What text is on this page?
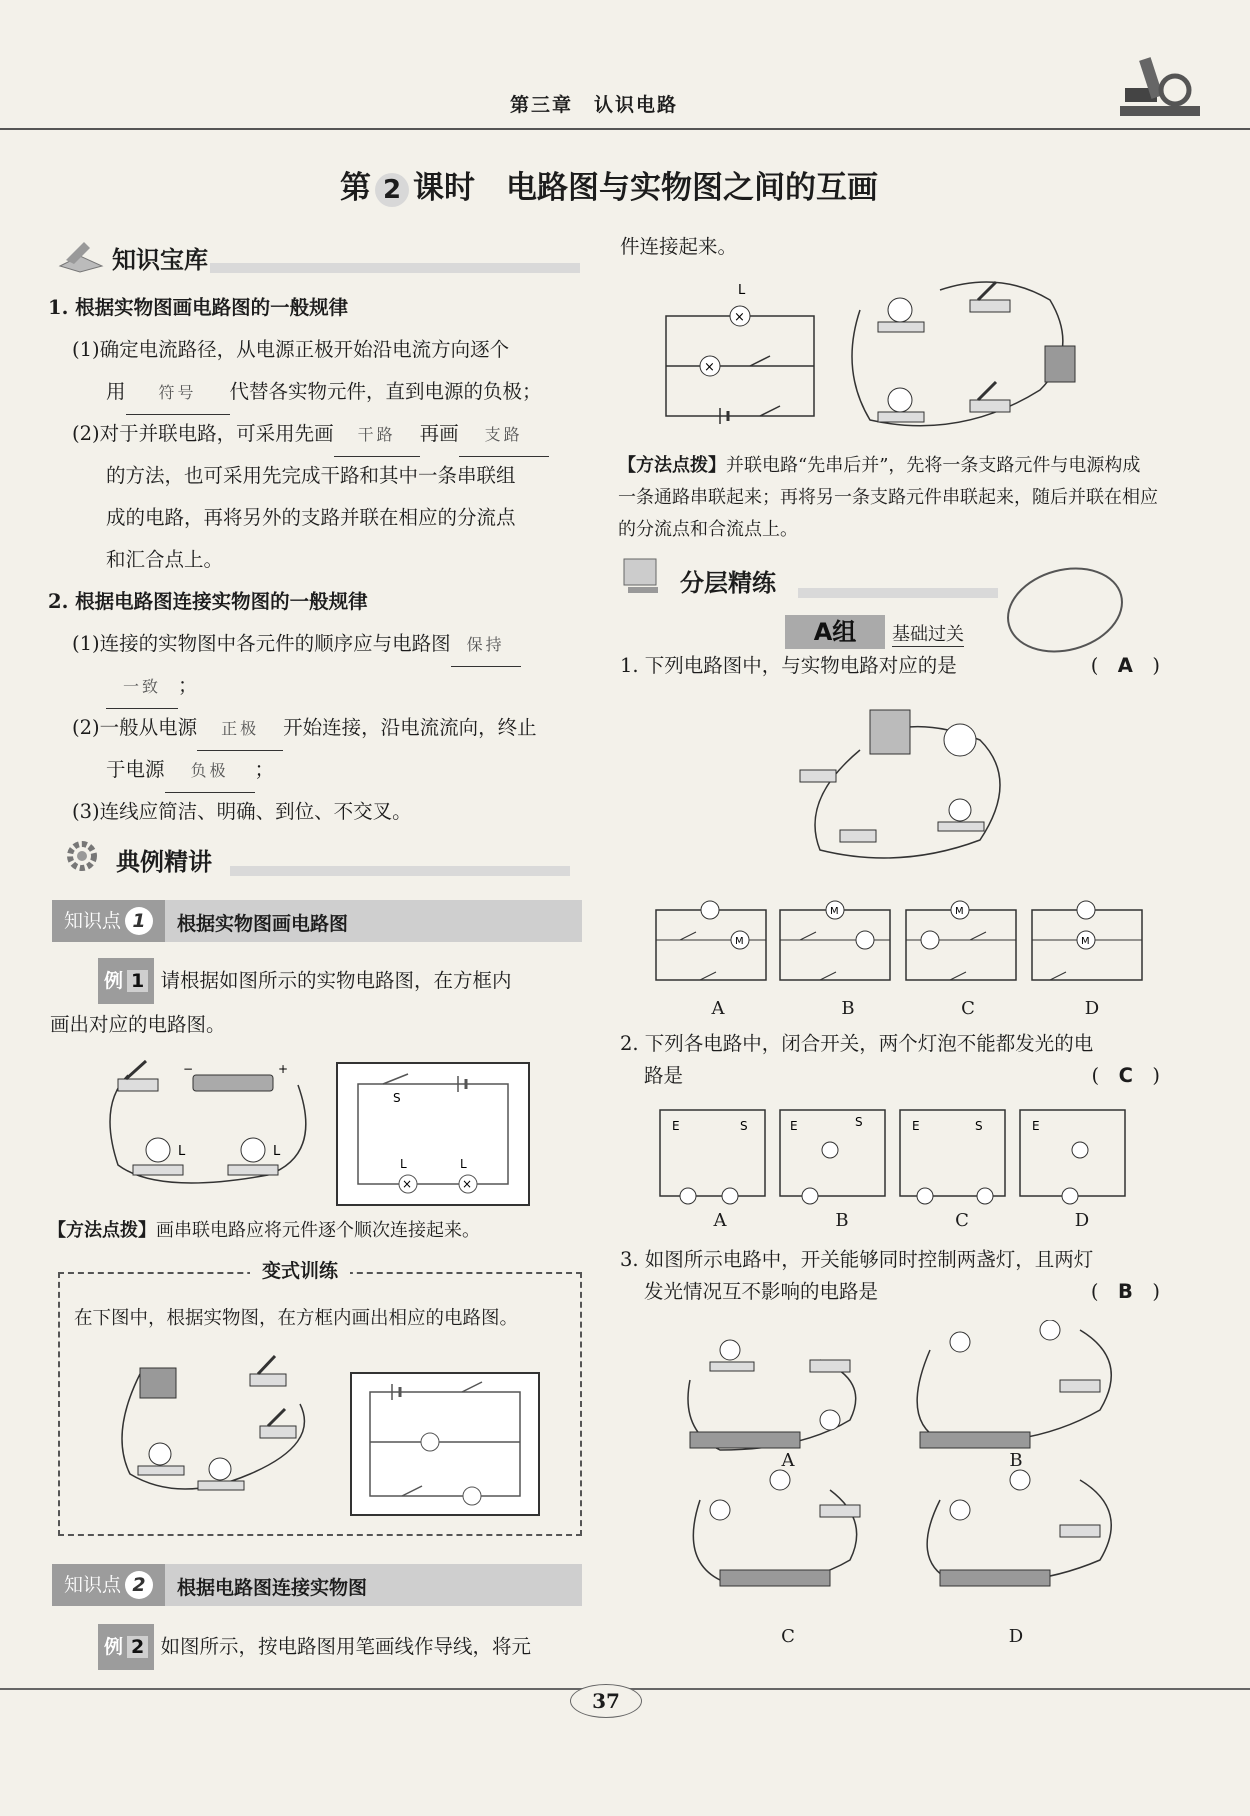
第三章　认识电路
第 2 课时　电路图与实物图之间的互画
知识宝库
1. 根据实物图画电路图的一般规律
(1)确定电流路径，从电源正极开始沿电流方向逐个
用 符号 代替各实物元件，直到电源的负极；
(2)对于并联电路，可采用先画 干路 再画 支路
的方法，也可采用先完成干路和其中一条串联组
成的电路，再将另外的支路并联在相应的分流点
和汇合点上。
2. 根据电路图连接实物图的一般规律
(1)连接的实物图中各元件的顺序应与电路图 保持
一致 ；
(2)一般从电源 正极 开始连接，沿电流流向，终止
于电源 负极 ；
(3)连线应简洁、明确、到位、不交叉。
典例精讲
知识点 1 根据实物图画电路图
例 1 请根据如图所示的实物电路图，在方框内
画出对应的电路图。
−	+
L	L
S
×	×
L	L
【方法点拨】画串联电路应将元件逐个顺次连接起来。
变式训练
在下图中，根据实物图，在方框内画出相应的电路图。
知识点 2 根据电路图连接实物图
例 2 如图所示，按电路图用笔画线作导线，将元
件连接起来。
×
L
×
【方法点拨】并联电路“先串后并”，先将一条支路元件与电源构成一条通路串联起来；再将另一条支路元件串联起来，随后并联在相应的分流点和合流点上。
分层精练
A组	基础过关
1. 下列电路图中，与实物电路对应的是	(　A　)
M
M	M
M
A	B	C	D
2. 下列各电路中，闭合开关，两个灯泡不能都发光的电
路是	(　C　)
E	S	E	S	E	S	E
A	B	C	D
3. 如图所示电路中，开关能够同时控制两盏灯，且两灯
发光情况互不影响的电路是	(　B　)
A	B
C	D
37
